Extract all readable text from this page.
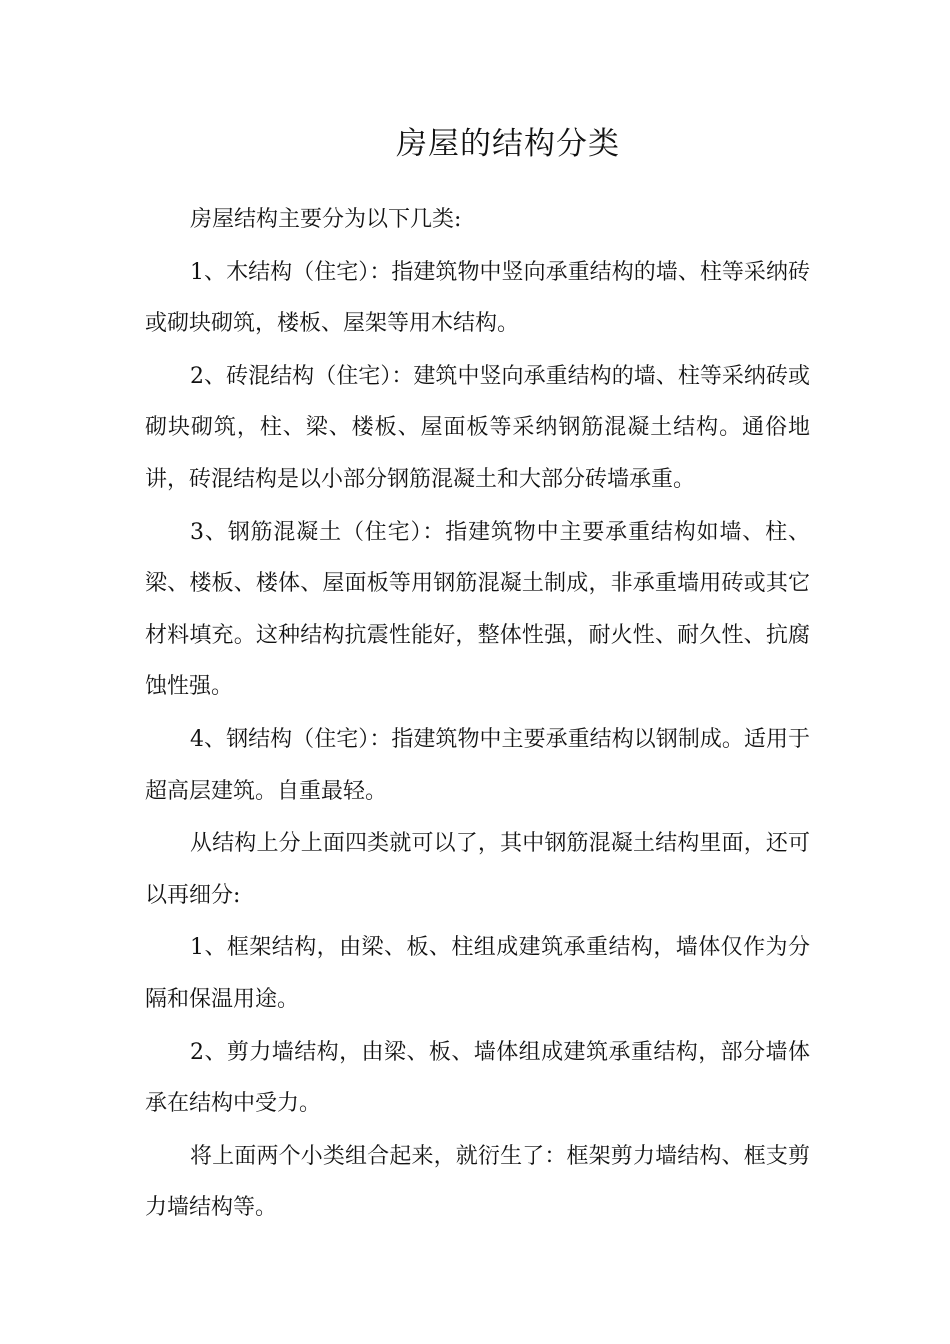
房屋的结构分类

房屋结构主要分为以下几类:

1、木结构（住宅）：指建筑物中竖向承重结构的墙、柱等采纳砖或砌块砌筑，楼板、屋架等用木结构。

2、砖混结构（住宅）：建筑中竖向承重结构的墙、柱等采纳砖或砌块砌筑，柱、梁、楼板、屋面板等采纳钢筋混凝土结构。通俗地讲，砖混结构是以小部分钢筋混凝土和大部分砖墙承重。

3、钢筋混凝土（住宅）：指建筑物中主要承重结构如墙、柱、梁、楼板、楼体、屋面板等用钢筋混凝土制成，非承重墙用砖或其它材料填充。这种结构抗震性能好，整体性强，耐火性、耐久性、抗腐蚀性强。

4、钢结构（住宅）：指建筑物中主要承重结构以钢制成。适用于超高层建筑。自重最轻。

从结构上分上面四类就可以了，其中钢筋混凝土结构里面，还可以再细分:

1、框架结构，由梁、板、柱组成建筑承重结构，墙体仅作为分隔和保温用途。

2、剪力墙结构，由梁、板、墙体组成建筑承重结构，部分墙体承在结构中受力。

将上面两个小类组合起来，就衍生了：框架剪力墙结构、框支剪力墙结构等。
